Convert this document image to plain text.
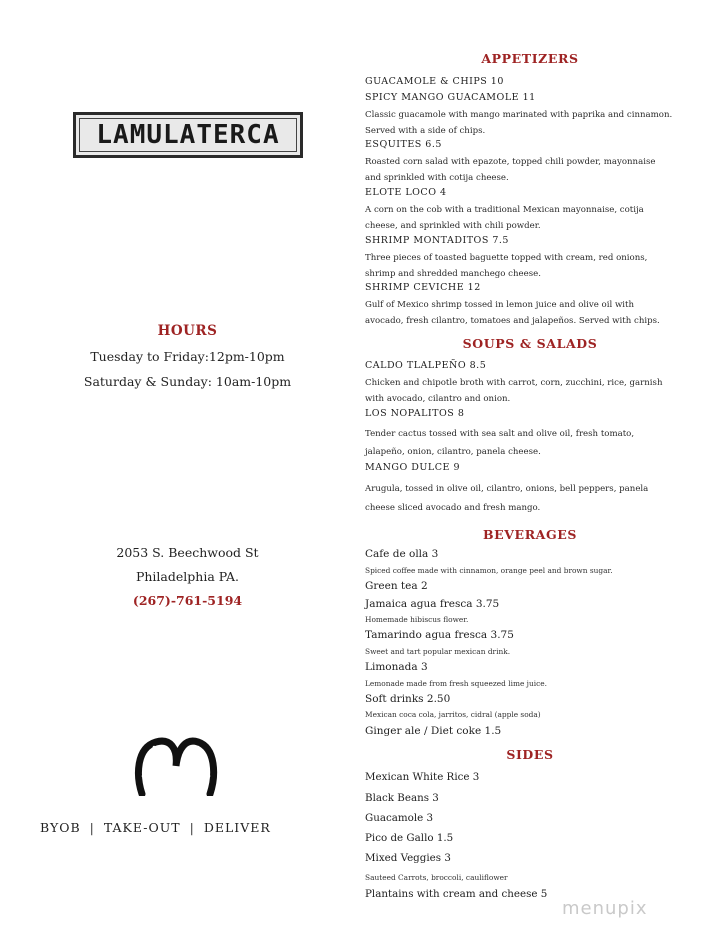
LAMULATERCA
HOURS
Tuesday to Friday:12pm-10pm
Saturday & Sunday: 10am-10pm
2053 S. Beechwood St
Philadelphia PA.
(267)-761-5194
BYOB | TAKE-OUT | DELIVER
APPETIZERS
GUACAMOLE & CHIPS 10
SPICY MANGO GUACAMOLE 11
Classic guacamole with mango marinated with paprika and cinnamon.
Served with a side of chips.
ESQUITES 6.5
Roasted corn salad with epazote, topped chili powder, mayonnaise
and sprinkled with cotija cheese.
ELOTE LOCO 4
A corn on the cob with a traditional Mexican mayonnaise, cotija
cheese, and sprinkled with chili powder.
SHRIMP MONTADITOS 7.5
Three pieces of toasted baguette topped with cream, red onions,
shrimp and shredded manchego cheese.
SHRIMP CEVICHE 12
Gulf of Mexico shrimp tossed in lemon juice and olive oil with
avocado, fresh cilantro, tomatoes and jalapeños. Served with chips.
SOUPS & SALADS
CALDO TLALPEÑO 8.5
Chicken and chipotle broth with carrot, corn, zucchini, rice, garnish
with avocado, cilantro and onion.
LOS NOPALITOS 8
Tender cactus tossed with sea salt and olive oil, fresh tomato,
jalapeño, onion, cilantro, panela cheese.
MANGO DULCE 9
Arugula, tossed in olive oil, cilantro, onions, bell peppers, panela
cheese sliced avocado and fresh mango.
BEVERAGES
Cafe de olla 3
Spiced coffee made with cinnamon, orange peel and brown sugar.
Green tea 2
Jamaica agua fresca 3.75
Homemade hibiscus flower.
Tamarindo agua fresca 3.75
Sweet and tart popular mexican drink.
Limonada 3
Lemonade made from fresh squeezed lime juice.
Soft drinks 2.50
Mexican coca cola, jarritos, cidral (apple soda)
Ginger ale / Diet coke 1.5
SIDES
Mexican White Rice 3
Black Beans 3
Guacamole 3
Pico de Gallo 1.5
Mixed Veggies 3
Sauteed Carrots, broccoli, cauliflower
Plantains with cream and cheese 5
menupix
